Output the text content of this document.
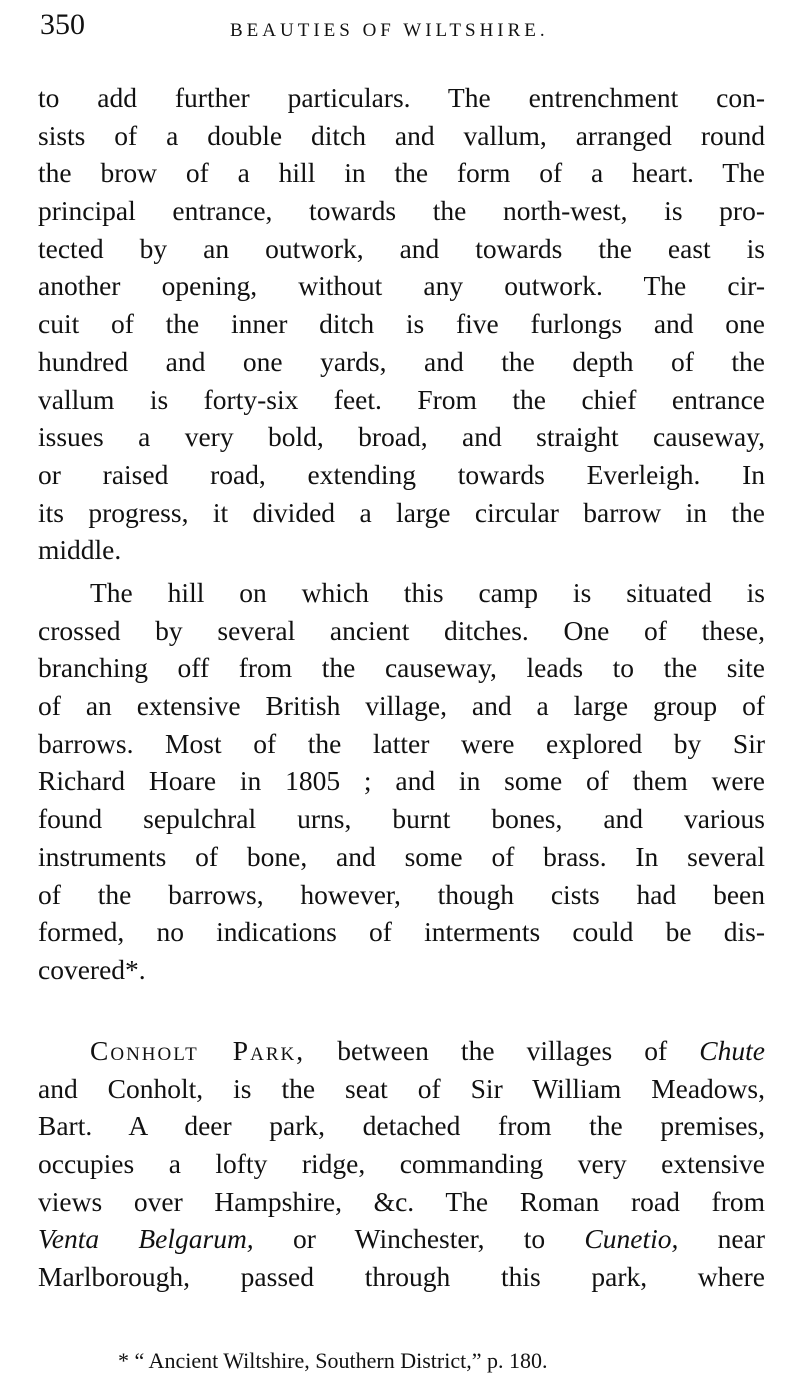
350	BEAUTIES OF WILTSHIRE.
to add further particulars. The entrenchment con-
sists of a double ditch and vallum, arranged round
the brow of a hill in the form of a heart. The
principal entrance, towards the north-west, is pro-
tected by an outwork, and towards the east is
another opening, without any outwork. The cir-
cuit of the inner ditch is five furlongs and one
hundred and one yards, and the depth of the
vallum is forty-six feet. From the chief entrance
issues a very bold, broad, and straight causeway,
or raised road, extending towards Everleigh. In
its progress, it divided a large circular barrow in the
middle.
The hill on which this camp is situated is
crossed by several ancient ditches. One of these,
branching off from the causeway, leads to the site
of an extensive British village, and a large group of
barrows. Most of the latter were explored by Sir
Richard Hoare in 1805 ; and in some of them were
found sepulchral urns, burnt bones, and various
instruments of bone, and some of brass. In several
of the barrows, however, though cists had been
formed, no indications of interments could be dis-
covered*.
Conholt Park, between the villages of Chute
and Conholt, is the seat of Sir William Meadows,
Bart. A deer park, detached from the premises,
occupies a lofty ridge, commanding very extensive
views over Hampshire, &c. The Roman road from
Venta Belgarum, or Winchester, to Cunetio, near
Marlborough, passed through this park, where
* “ Ancient Wiltshire, Southern District,” p. 180.
